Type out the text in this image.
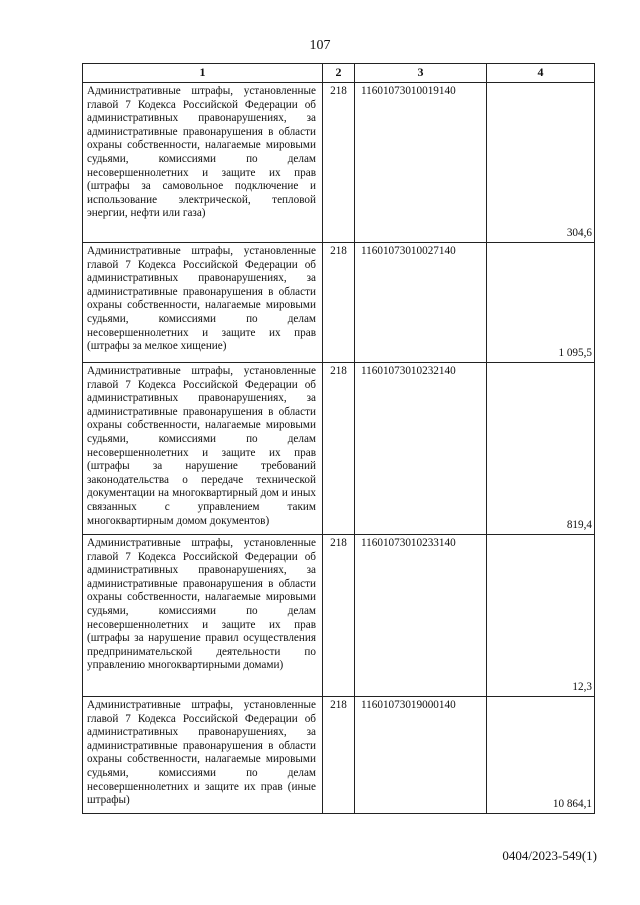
107
1	2	3	4
Административные штрафы, установленные главой 7 Кодекса Российской Федерации об административных правонарушениях, за административные правонарушения в области охраны собственности, налагаемые мировыми судьями, комиссиями по делам несовершеннолетних и защите их прав (штрафы за самовольное подключение и использование электрической, тепловой энергии, нефти или газа)	218	11601073010019140	304,6
Административные штрафы, установленные главой 7 Кодекса Российской Федерации об административных правонарушениях, за административные правонарушения в области охраны собственности, налагаемые мировыми судьями, комиссиями по делам несовершеннолетних и защите их прав (штрафы за мелкое хищение)	218	11601073010027140	1 095,5
Административные штрафы, установленные главой 7 Кодекса Российской Федерации об административных правонарушениях, за административные правонарушения в области охраны собственности, налагаемые мировыми судьями, комиссиями по делам несовершеннолетних и защите их прав (штрафы за нарушение требований законодательства о передаче технической документации на многоквартирный дом и иных связанных с управлением таким многоквартирным домом документов)	218	11601073010232140	819,4
Административные штрафы, установленные главой 7 Кодекса Российской Федерации об административных правонарушениях, за административные правонарушения в области охраны собственности, налагаемые мировыми судьями, комиссиями по делам несовершеннолетних и защите их прав (штрафы за нарушение правил осуществления предпринимательской деятельности по управлению многоквартирными домами)	218	11601073010233140	12,3
Административные штрафы, установленные главой 7 Кодекса Российской Федерации об административных правонарушениях, за административные правонарушения в области охраны собственности, налагаемые мировыми судьями, комиссиями по делам несовершеннолетних и защите их прав (иные штрафы)	218	11601073019000140	10 864,1
0404/2023-549(1)
